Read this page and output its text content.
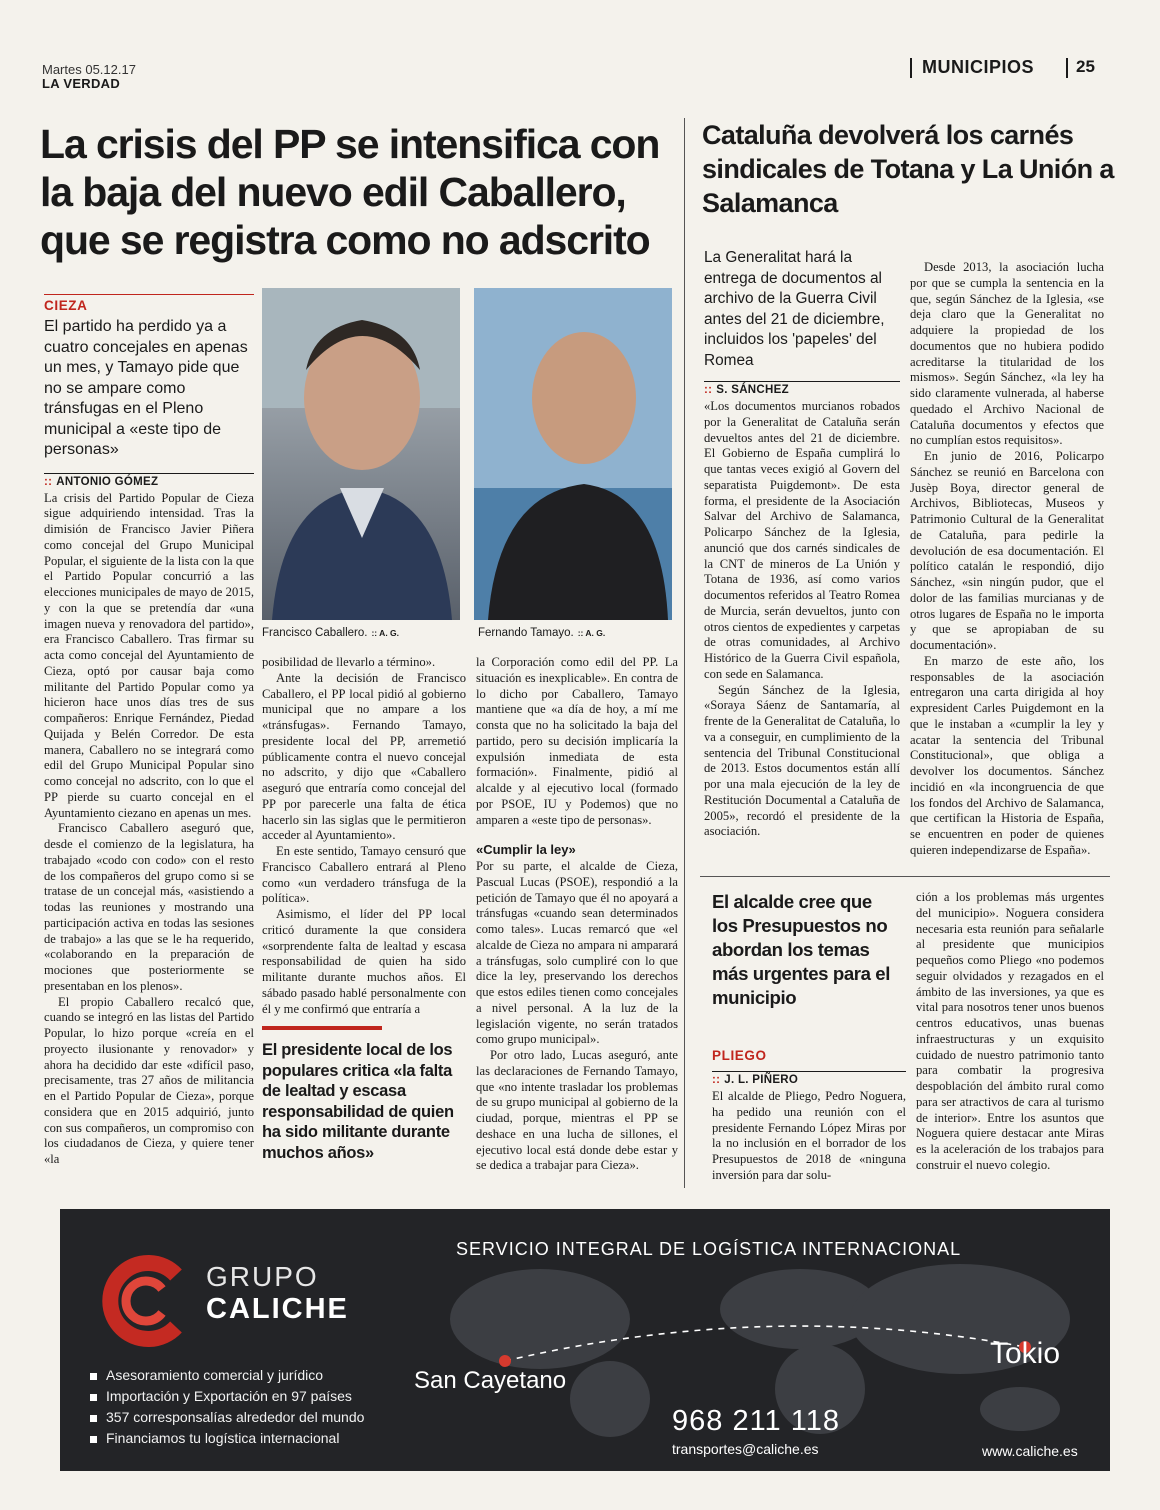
Martes 05.12.17
LA VERDAD
MUNICIPIOS 25
La crisis del PP se intensifica con la baja del nuevo edil Caballero, que se registra como no adscrito
CIEZA
El partido ha perdido ya a cuatro concejales en apenas un mes, y Tamayo pide que no se ampare como tránsfugas en el Pleno municipal a «este tipo de personas»
:: ANTONIO GÓMEZ

La crisis del Partido Popular de Cieza sigue adquiriendo intensidad. Tras la dimisión de Francisco Javier Piñera como concejal del Grupo Municipal Popular, el siguiente de la lista con la que el Partido Popular concurrió a las elecciones municipales de mayo de 2015, y con la que se pretendía dar «una imagen nueva y renovadora del partido», era Francisco Caballero. Tras firmar su acta como concejal del Ayuntamiento de Cieza, optó por causar baja como militante del Partido Popular como ya hicieron hace unos días tres de sus compañeros: Enrique Fernández, Piedad Quijada y Belén Corredor. De esta manera, Caballero no se integrará como edil del Grupo Municipal Popular sino como concejal no adscrito, con lo que el PP pierde su cuarto concejal en el Ayuntamiento ciezano en apenas un mes.

Francisco Caballero aseguró que, desde el comienzo de la legislatura, ha trabajado «codo con codo» con el resto de los compañeros del grupo como si se tratase de un concejal más, «asistiendo a todas las reuniones y mostrando una participación activa en todas las sesiones de trabajo» a las que se le ha requerido, «colaborando en la preparación de mociones que posteriormente se presentaban en los plenos».

El propio Caballero recalcó que, cuando se integró en las listas del Partido Popular, lo hizo porque «creía en el proyecto ilusionante y renovador» y ahora ha decidido dar este «difícil paso, precisamente, tras 27 años de militancia en el Partido Popular de Cieza», porque considera que en 2015 adquirió, junto con sus compañeros, un compromiso con los ciudadanos de Cieza, y quiere tener «la

Francisco Caballero. :: A. G.	Fernando Tamayo. :: A. G.

posibilidad de llevarlo a término».

Ante la decisión de Francisco Caballero, el PP local pidió al gobierno municipal que no ampare a los «tránsfugas». Fernando Tamayo, presidente local del PP, arremetió públicamente contra el nuevo concejal no adscrito, y dijo que «Caballero aseguró que entraría como concejal del PP por parecerle una falta de ética hacerlo sin las siglas que le permitieron acceder al Ayuntamiento».

En este sentido, Tamayo censuró que Francisco Caballero entrará al Pleno como «un verdadero tránsfuga de la política».

Asimismo, el líder del PP local criticó duramente la que considera «sorprendente falta de lealtad y escasa responsabilidad de quien ha sido militante durante muchos años. El sábado pasado hablé personalmente con él y me confirmó que entraría a

El presidente local de los populares critica «la falta de lealtad y escasa responsabilidad de quien ha sido militante durante muchos años»

la Corporación como edil del PP. La situación es inexplicable». En contra de lo dicho por Caballero, Tamayo mantiene que «a día de hoy, a mí me consta que no ha solicitado la baja del partido, pero su decisión implicaría la expulsión inmediata de esta formación». Finalmente, pidió al alcalde y al ejecutivo local (formado por PSOE, IU y Podemos) que no amparen a «este tipo de personas».

«Cumplir la ley»

Por su parte, el alcalde de Cieza, Pascual Lucas (PSOE), respondió a la petición de Tamayo que él no apoyará a tránsfugas «cuando sean determinados como tales». Lucas remarcó que «el alcalde de Cieza no ampara ni amparará a tránsfugas, solo cumpliré con lo que dice la ley, preservando los derechos que estos ediles tienen como concejales a nivel personal. A la luz de la legislación vigente, no serán tratados como grupo municipal».

Por otro lado, Lucas aseguró, ante las declaraciones de Fernando Tamayo, que «no intente trasladar los problemas de su grupo municipal al gobierno de la ciudad, porque, mientras el PP se deshace en una lucha de sillones, el ejecutivo local está donde debe estar y se dedica a trabajar para Cieza».

Cataluña devolverá los carnés sindicales de Totana y La Unión a Salamanca
La Generalitat hará la entrega de documentos al archivo de la Guerra Civil antes del 21 de diciembre, incluidos los 'papeles' del Romea
:: S. SÁNCHEZ

«Los documentos murcianos robados por la Generalitat de Cataluña serán devueltos antes del 21 de diciembre. El Gobierno de España cumplirá lo que tantas veces exigió al Govern del separatista Puigdemont». De esta forma, el presidente de la Asociación Salvar del Archivo de Salamanca, Policarpo Sánchez de la Iglesia, anunció que dos carnés sindicales de la CNT de mineros de La Unión y Totana de 1936, así como varios documentos referidos al Teatro Romea de Murcia, serán devueltos, junto con otros cientos de expedientes y carpetas de otras comunidades, al Archivo Histórico de la Guerra Civil española, con sede en Salamanca.

Según Sánchez de la Iglesia, «Soraya Sáenz de Santamaría, al frente de la Generalitat de Cataluña, lo va a conseguir, en cumplimiento de la sentencia del Tribunal Constitucional de 2013. Estos documentos están allí por una mala ejecución de la ley de Restitución Documental a Cataluña de 2005», recordó el presidente de la asociación.

Desde 2013, la asociación lucha por que se cumpla la sentencia en la que, según Sánchez de la Iglesia, «se deja claro que la Generalitat no adquiere la propiedad de los documentos que no hubiera podido acreditarse la titularidad de los mismos». Según Sánchez, «la ley ha sido claramente vulnerada, al haberse quedado el Archivo Nacional de Cataluña documentos y efectos que no cumplían estos requisitos».

En junio de 2016, Policarpo Sánchez se reunió en Barcelona con Jusèp Boya, director general de Archivos, Bibliotecas, Museos y Patrimonio Cultural de la Generalitat de Cataluña, para pedirle la devolución de esa documentación. El político catalán le respondió, dijo Sánchez, «sin ningún pudor, que el dolor de las familias murcianas y de otros lugares de España no le importa y que se apropiaban de su documentación».

En marzo de este año, los responsables de la asociación entregaron una carta dirigida al hoy expresident Carles Puigdemont en la que le instaban a «cumplir la ley y acatar la sentencia del Tribunal Constitucional», que obliga a devolver los documentos. Sánchez incidió en «la incongruencia de que los fondos del Archivo de Salamanca, que certifican la Historia de España, se encuentren en poder de quienes quieren independizarse de España».

El alcalde cree que los Presupuestos no abordan los temas más urgentes para el municipio
PLIEGO
:: J. L. PIÑERO

El alcalde de Pliego, Pedro Noguera, ha pedido una reunión con el presidente Fernando López Miras por la no inclusión en el borrador de los Presupuestos de 2018 de «ninguna inversión para dar solu-

ción a los problemas más urgentes del municipio». Noguera considera necesaria esta reunión para señalarle al presidente que municipios pequeños como Pliego «no podemos seguir olvidados y rezagados en el ámbito de las inversiones, ya que es vital para nosotros tener unos buenos centros educativos, unas buenas infraestructuras y un exquisito cuidado de nuestro patrimonio tanto para combatir la progresiva despoblación del ámbito rural como para ser atractivos de cara al turismo de interior». Entre los asuntos que Noguera quiere destacar ante Miras es la aceleración de los trabajos para construir el nuevo colegio.

GRUPO
CALICHE
SERVICIO INTEGRAL DE LOGÍSTICA INTERNACIONAL
Asesoramiento comercial y jurídico
Importación y Exportación en 97 países
357 corresponsalías alrededor del mundo
Financiamos tu logística internacional
San Cayetano
Tokio
968 211 118
transportes@caliche.es	www.caliche.es
